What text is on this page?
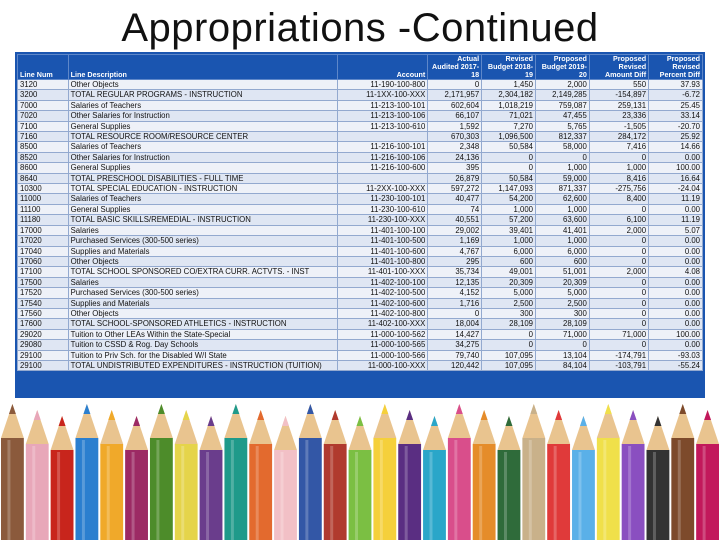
Appropriations -Continued
Line Num	Line Description	Account	Actual Audited 2017-18	Revised Budget 2018-19	Proposed Budget 2019-20	Proposed Revised Amount Diff	Proposed Revised Percent Diff
3120	Other Objects	11-190-100-800	0	1,450	2,000	550	37.93
3200	TOTAL REGULAR PROGRAMS - INSTRUCTION	11-1XX-100-XXX	2,171,957	2,304,182	2,149,285	-154,897	-6.72
7000	Salaries of Teachers	11-213-100-101	602,604	1,018,219	759,087	259,131	25.45
7020	Other Salaries for Instruction	11-213-100-106	66,107	71,021	47,455	23,336	33.14
7100	General Supplies	11-213-100-610	1,592	7,270	5,765	-1,505	-20.70
7160	TOTAL RESOURCE ROOM/RESOURCE CENTER		670,303	1,096,500	812,337	284,172	25.92
8500	Salaries of Teachers	11-216-100-101	2,348	50,584	58,000	7,416	14.66
8520	Other Salaries for Instruction	11-216-100-106	24,136	0	0	0	0.00
8600	General Supplies	11-216-100-600	395	0	1,000	1,000	100.00
8640	TOTAL PRESCHOOL DISABILITIES - FULL TIME		26,879	50,584	59,000	8,416	16.64
10300	TOTAL SPECIAL EDUCATION - INSTRUCTION	11-2XX-100-XXX	597,272	1,147,093	871,337	-275,756	-24.04
11000	Salaries of Teachers	11-230-100-101	40,477	54,200	62,600	8,400	11.19
11100	General Supplies	11-230-100-610	74	1,000	1,000	0	0.00
11180	TOTAL BASIC SKILLS/REMEDIAL - INSTRUCTION	11-230-100-XXX	40,551	57,200	63,600	6,100	11.19
17000	Salaries	11-401-100-100	29,002	39,401	41,401	2,000	5.07
17020	Purchased Services (300-500 series)	11-401-100-500	1,169	1,000	1,000	0	0.00
17040	Supplies and Materials	11-401-100-600	4,767	6,000	6,000	0	0.00
17060	Other Objects	11-401-100-800	295	600	600	0	0.00
17100	TOTAL SCHOOL SPONSORED CO/EXTRA CURR. ACTVTS. - INST	11-401-100-XXX	35,734	49,001	51,001	2,000	4.08
17500	Salaries	11-402-100-100	12,135	20,309	20,309	0	0.00
17520	Purchased Services (300-500 series)	11-402-100-500	4,152	5,000	5,000	0	0.00
17540	Supplies and Materials	11-402-100-600	1,716	2,500	2,500	0	0.00
17560	Other Objects	11-402-100-800	0	300	300	0	0.00
17600	TOTAL SCHOOL-SPONSORED ATHLETICS - INSTRUCTION	11-402-100-XXX	18,004	28,109	28,109	0	0.00
29020	Tuition to Other LEAs Within the State-Special	11-000-100-562	14,427	0	71,000	71,000	100.00
29080	Tuition to CSSD & Rog. Day Schools	11-000-100-565	34,275	0	0	0	0.00
29100	Tuition to Priv Sch. for the Disabled W/I State	11-000-100-566	79,740	107,095	13,104	-174,791	-93.03
29100	TOTAL UNDISTRIBUTED EXPENDITURES - INSTRUCTION (TUITION)	11-000-100-XXX	120,442	107,095	84,104	-103,791	-55.24
